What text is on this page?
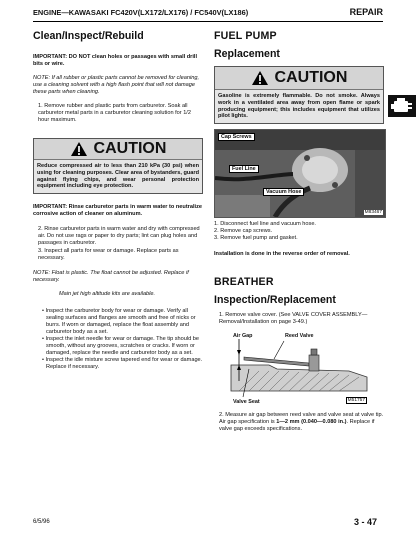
ENGINE—KAWASAKI FC420V(LX172/LX176) / FC540V(LX186)	REPAIR
Clean/Inspect/Rebuild

IMPORTANT: DO NOT clean holes or passages with small drill bits or wire.

NOTE: If all rubber or plastic parts cannot be removed for cleaning, use a cleaning solvent with a high flash point that will not damage these parts when cleaning.

1. Remove rubber and plastic parts from carburetor. Soak all carburetor metal parts in a carburetor cleaning solution for 1/2 hour maximum.

CAUTION
Reduce compressed air to less than 210 kPa (30 psi) when using for cleaning purposes. Clear area of bystanders, guard against flying chips, and wear personal protection equipment including eye protection.

IMPORTANT: Rinse carburetor parts in warm water to neutralize corrosive action of cleaner on aluminum.

2. Rinse carburetor parts in warm water and dry with compressed air. Do not use rags or paper to dry parts; lint can plug holes and passages in carburetor.

3. Inspect all parts for wear or damage. Replace parts as necessary.

NOTE: Float is plastic. The float cannot be adjusted. Replace if necessary.

Main jet high altitude kits are available.

• Inspect the carburetor body for wear or damage. Verify all sealing surfaces and flanges are smooth and free of nicks or burrs. If worn or damaged, replace the float assembly and carburetor body as a set.

• Inspect the inlet needle for wear or damage. The tip should be smooth, without any grooves, scratches or cracks. If worn or damaged, replace the needle and carburetor body as a set.

• Inspect the idle mixture screw tapered end for wear or damage. Replace if necessary.

FUEL PUMP
Replacement
CAUTION
Gasoline is extremely flammable. Do not smoke. Always work in a ventilated area away from open flame or spark producing equipment; this includes equipment that utilizes pilot lights.
Cap Screws
Fuel Line
Vacuum Hose
M83467

1. Disconnect fuel line and vacuum hose.

2. Remove cap screws.

3. Remove fuel pump and gasket.

Installation is done in the reverse order of removal.

BREATHER
Inspection/Replacement

1. Remove valve cover. (See VALVE COVER ASSEMBLY—Removal/Installation on page 3-49.)

Air Gap	Reed Valve
Valve Seat	M51757

2. Measure air gap between reed valve and valve seat at valve tip. Air gap specification is 1—2 mm (0.040—0.080 in.). Replace if valve gap exceeds specifications.

6/5/96	3 - 47
